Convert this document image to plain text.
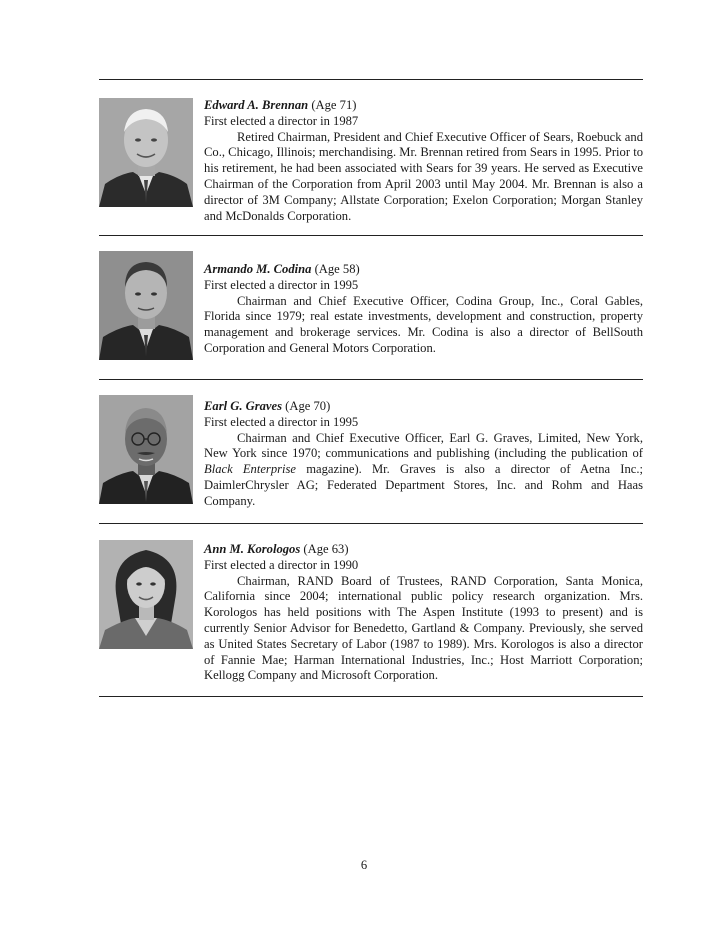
Edward A. Brennan (Age 71)

First elected a director in 1987

Retired Chairman, President and Chief Executive Officer of Sears, Roebuck and Co., Chicago, Illinois; merchandising. Mr. Brennan retired from Sears in 1995. Prior to his retirement, he had been associated with Sears for 39 years. He served as Executive Chairman of the Corporation from April 2003 until May 2004. Mr. Brennan is also a director of 3M Company; Allstate Corporation; Exelon Corporation; Morgan Stanley and McDonalds Corporation.

Armando M. Codina (Age 58)

First elected a director in 1995

Chairman and Chief Executive Officer, Codina Group, Inc., Coral Gables, Florida since 1979; real estate investments, development and construction, property management and brokerage services. Mr. Codina is also a director of BellSouth Corporation and General Motors Corporation.

Earl G. Graves (Age 70)

First elected a director in 1995

Chairman and Chief Executive Officer, Earl G. Graves, Limited, New York, New York since 1970; communications and publishing (including the publication of Black Enterprise magazine). Mr. Graves is also a director of Aetna Inc.; DaimlerChrysler AG; Federated Department Stores, Inc. and Rohm and Haas Company.

Ann M. Korologos (Age 63)

First elected a director in 1990

Chairman, RAND Board of Trustees, RAND Corporation, Santa Monica, California since 2004; international public policy research organization. Mrs. Korologos has held positions with The Aspen Institute (1993 to present) and is currently Senior Advisor for Benedetto, Gartland & Company. Previously, she served as United States Secretary of Labor (1987 to 1989). Mrs. Korologos is also a director of Fannie Mae; Harman International Industries, Inc.; Host Marriott Corporation; Kellogg Company and Microsoft Corporation.

6
